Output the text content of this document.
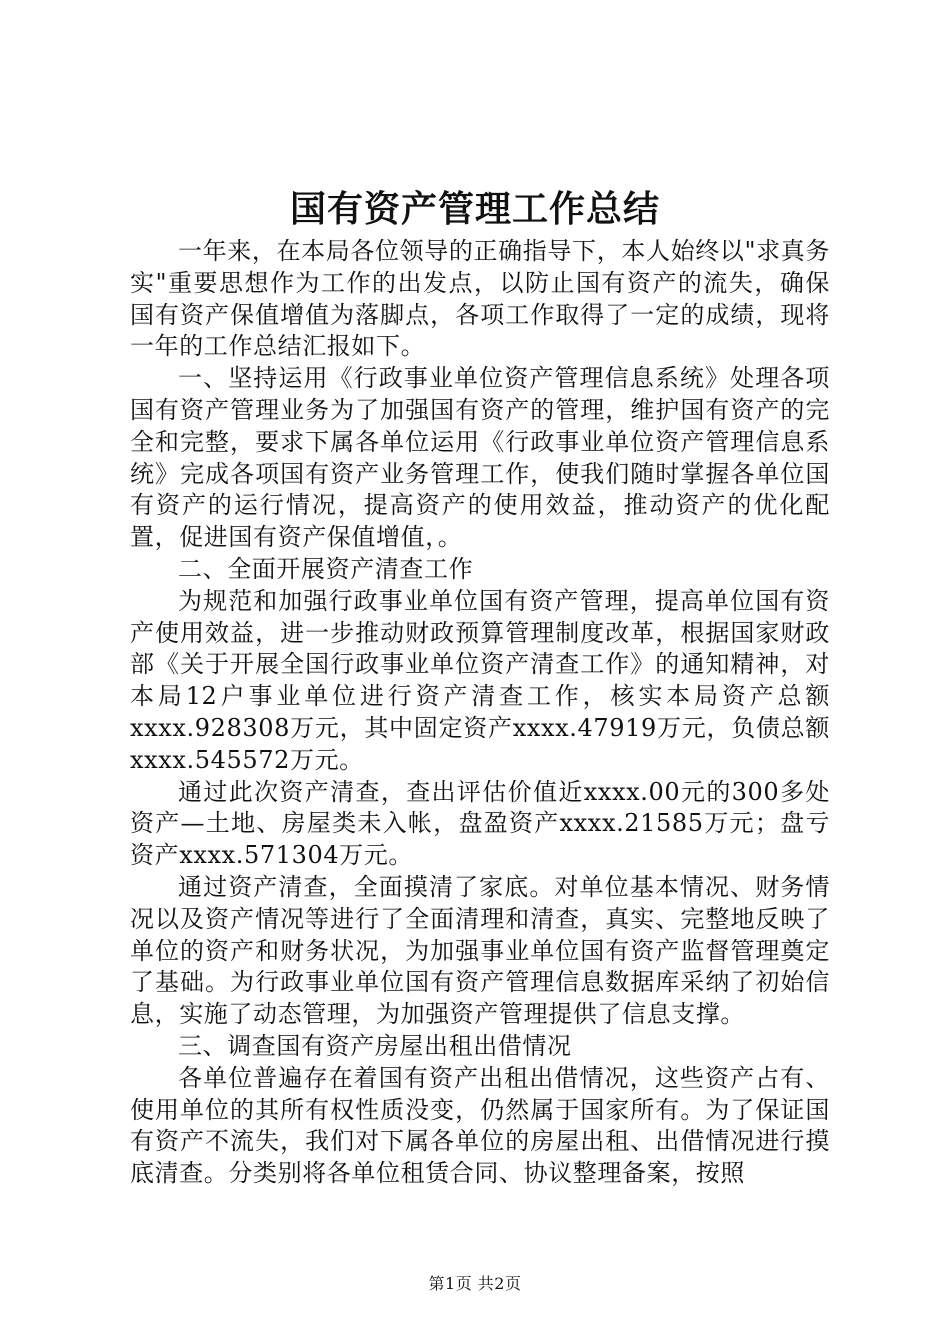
国有资产管理工作总结

一年来，在本局各位领导的正确指导下，本人始终以"求真务实"重要思想作为工作的出发点，以防止国有资产的流失，确保国有资产保值增值为落脚点，各项工作取得了一定的成绩，现将一年的工作总结汇报如下。

一、坚持运用《行政事业单位资产管理信息系统》处理各项国有资产管理业务为了加强国有资产的管理，维护国有资产的完全和完整，要求下属各单位运用《行政事业单位资产管理信息系统》完成各项国有资产业务管理工作，使我们随时掌握各单位国有资产的运行情况，提高资产的使用效益，推动资产的优化配置，促进国有资产保值增值，。

二、全面开展资产清查工作

为规范和加强行政事业单位国有资产管理，提高单位国有资产使用效益，进一步推动财政预算管理制度改革，根据国家财政部《关于开展全国行政事业单位资产清查工作》的通知精神，对本局12户事业单位进行资产清查工作，核实本局资产总额xxxx.928308万元，其中固定资产xxxx.47919万元，负债总额xxxx.545572万元。

通过此次资产清查，查出评估价值近xxxx.00元的300多处资产—土地、房屋类未入帐，盘盈资产xxxx.21585万元；盘亏资产xxxx.571304万元。

通过资产清查，全面摸清了家底。对单位基本情况、财务情况以及资产情况等进行了全面清理和清查，真实、完整地反映了单位的资产和财务状况，为加强事业单位国有资产监督管理奠定了基础。为行政事业单位国有资产管理信息数据库采纳了初始信息，实施了动态管理，为加强资产管理提供了信息支撑。

三、调查国有资产房屋出租出借情况

各单位普遍存在着国有资产出租出借情况，这些资产占有、使用单位的其所有权性质没变，仍然属于国家所有。为了保证国有资产不流失，我们对下属各单位的房屋出租、出借情况进行摸底清查。分类别将各单位租赁合同、协议整理备案，按照

第1页 共2页
